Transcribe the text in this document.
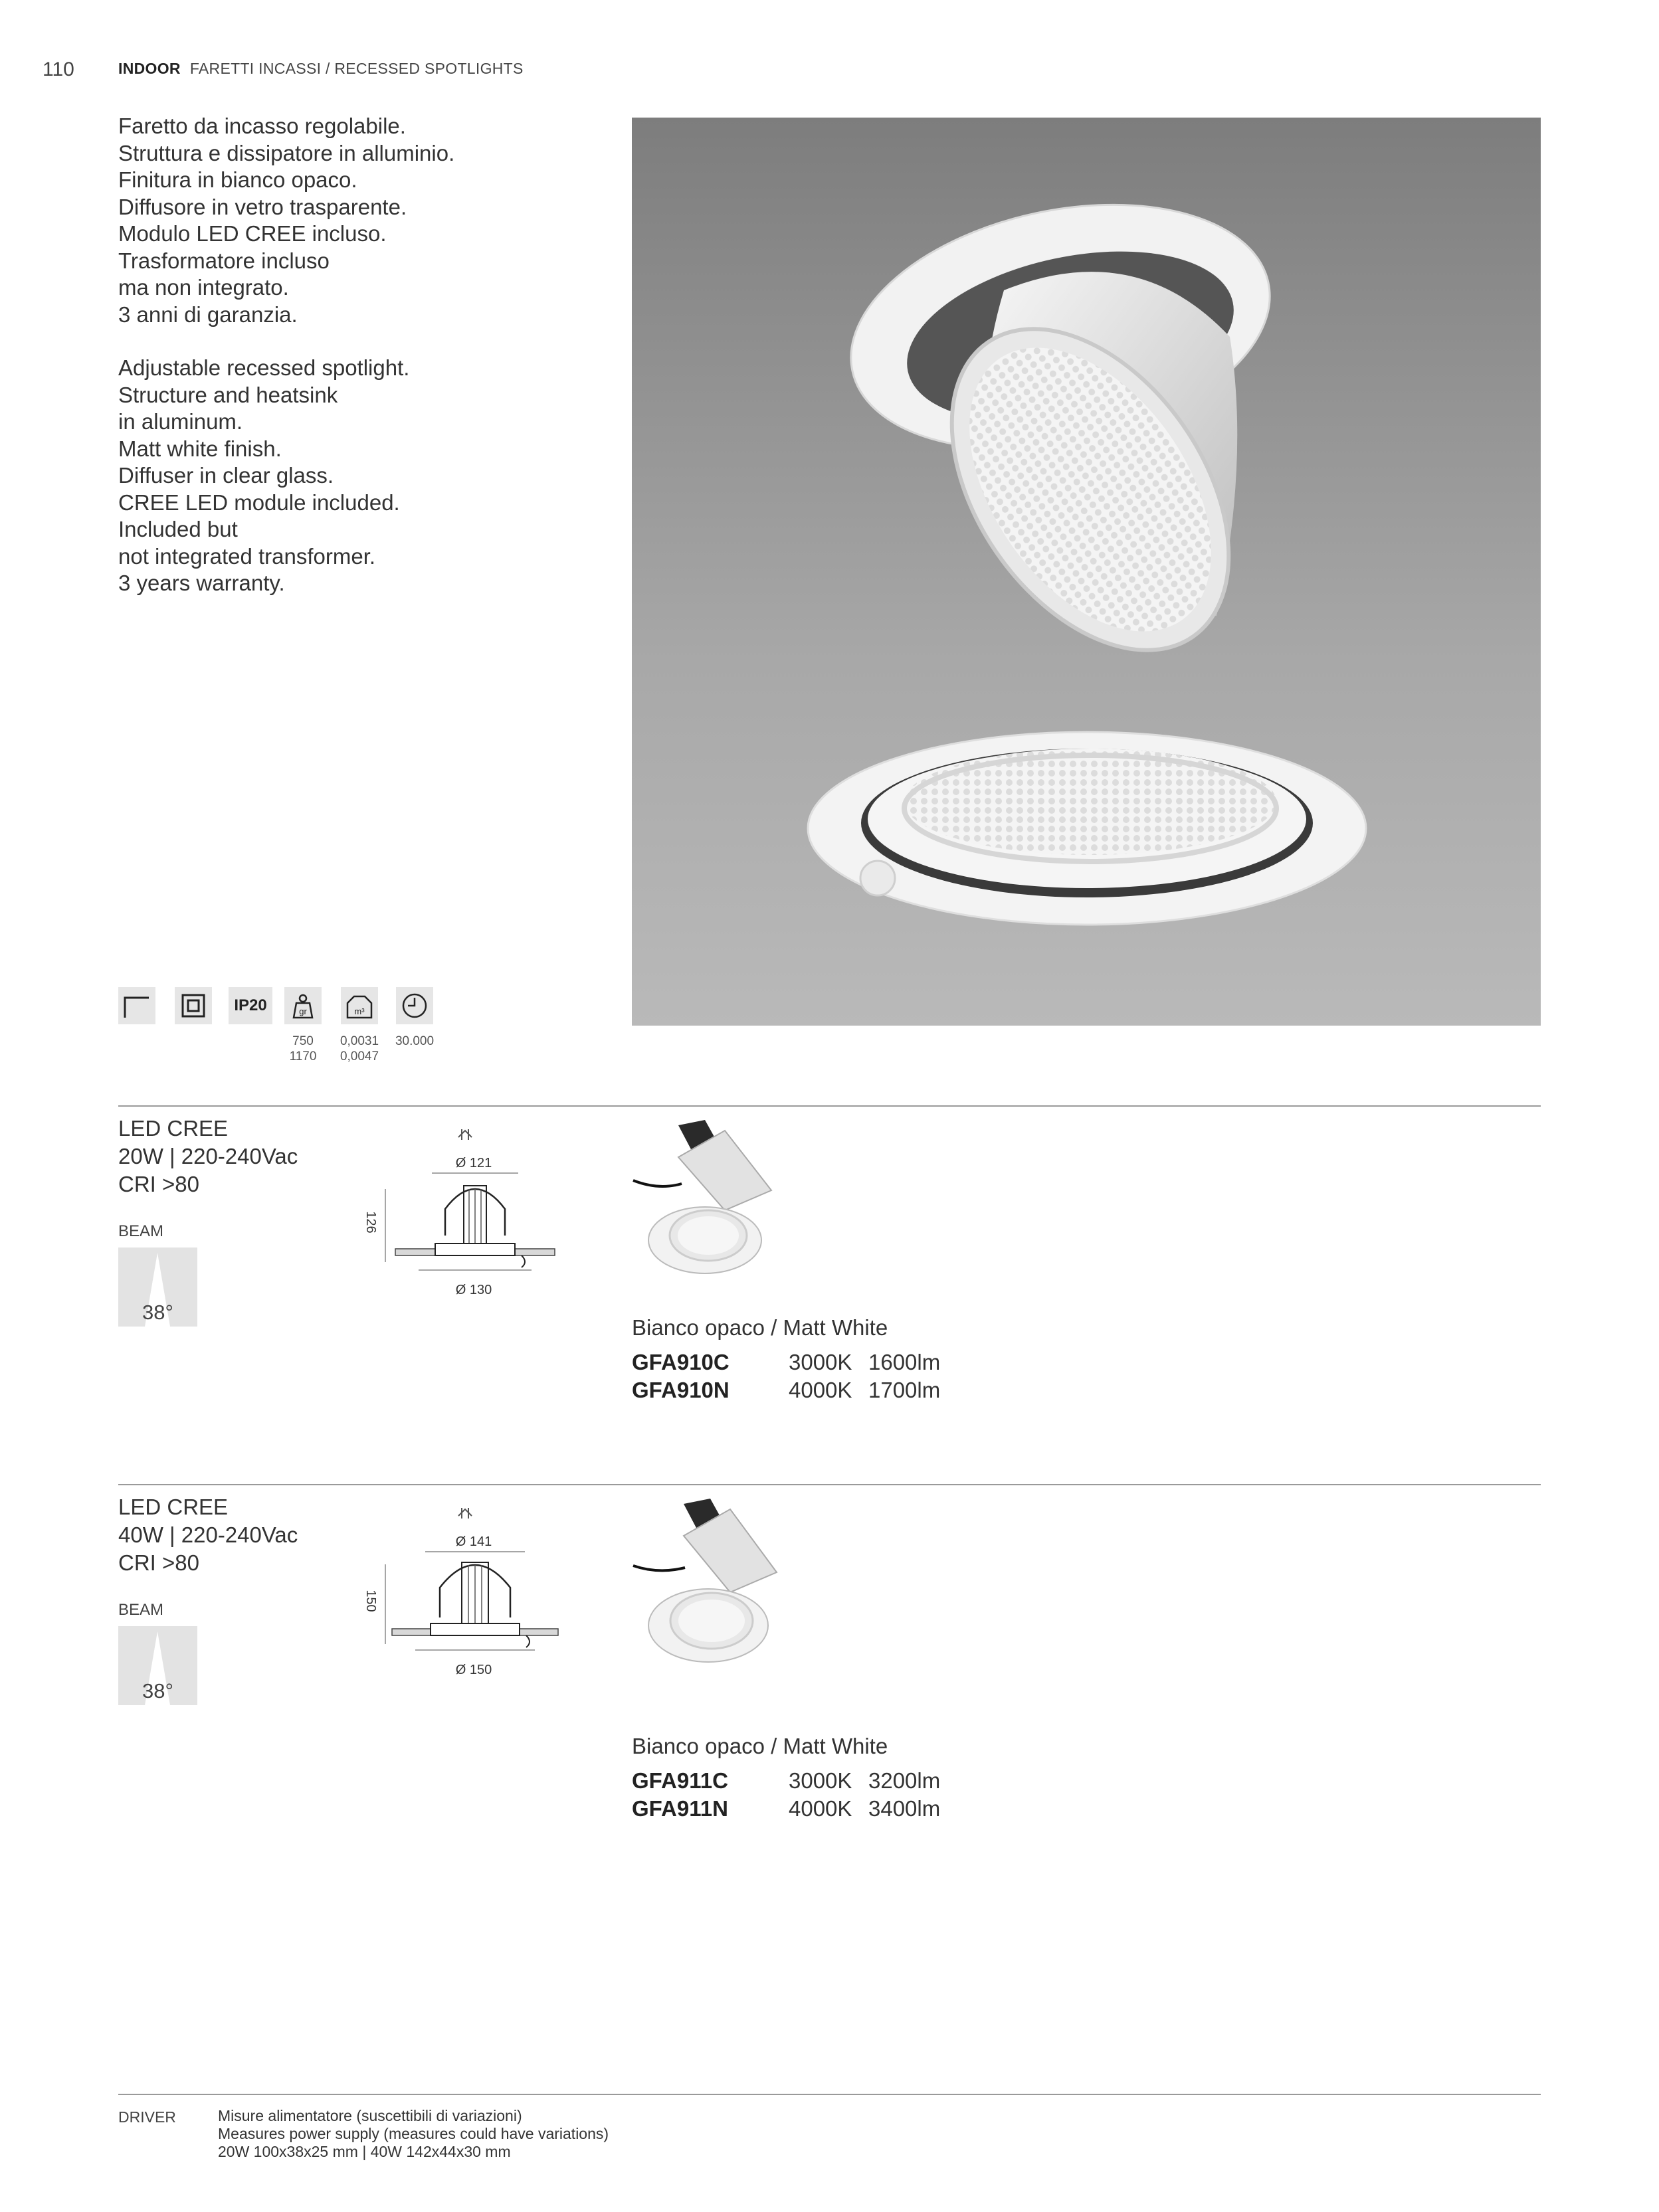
110	INDOOR FARETTI INCASSI / RECESSED SPOTLIGHTS
Faretto da incasso regolabile.
Struttura e dissipatore in alluminio.
Finitura in bianco opaco.
Diffusore in vetro trasparente.
Modulo LED CREE incluso.
Trasformatore incluso
ma non integrato.
3 anni di garanzia.
Adjustable recessed spotlight.
Structure and heatsink
in aluminum.
Matt white finish.
Diffuser in clear glass.
CREE LED module included.
Included but
not integrated transformer.
3 years warranty.
IP20	gr	m³
750
1170
0,0031
0,0047
30.000
LED CREE
20W | 220-240Vac
CRI >80
BEAM
38°
Ø 121
126
Ø 130
Bianco opaco / Matt White
GFA910C	3000K 1600lm
GFA910N	4000K 1700lm
LED CREE
40W | 220-240Vac
CRI >80
BEAM
38°
Ø 141
150
Ø 150
Bianco opaco / Matt White
GFA911C	3000K 3200lm
GFA911N	4000K 3400lm
DRIVER	Misure alimentatore (suscettibili di variazioni)
Measures power supply (measures could have variations)
20W 100x38x25 mm | 40W 142x44x30 mm
